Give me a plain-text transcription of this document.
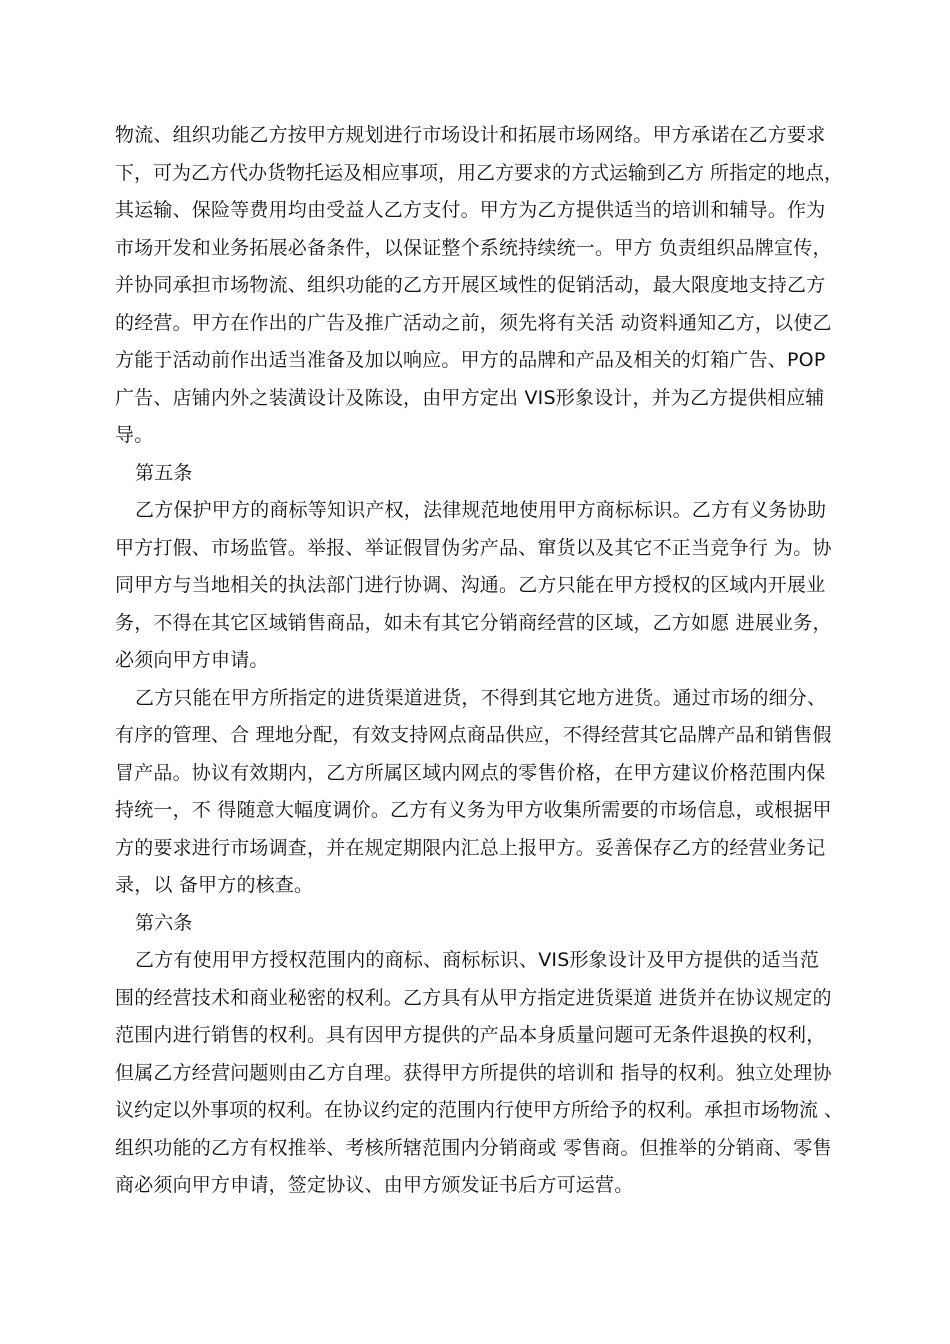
物流、组织功能乙方按甲方规划进行市场设计和拓展市场网络。甲方承诺在乙方要求
下，可为乙方代办货物托运及相应事项，用乙方要求的方式运输到乙方 所指定的地点，
其运输、保险等费用均由受益人乙方支付。甲方为乙方提供适当的培训和辅导。作为
市场开发和业务拓展必备条件，以保证整个系统持续统一。甲方 负责组织品牌宣传，
并协同承担市场物流、组织功能的乙方开展区域性的促销活动，最大限度地支持乙方
的经营。甲方在作出的广告及推广活动之前，须先将有关活 动资料通知乙方，以使乙
方能于活动前作出适当准备及加以响应。甲方的品牌和产品及相关的灯箱广告、POP
广告、店铺内外之装潢设计及陈设，由甲方定出 VIS形象设计，并为乙方提供相应辅
导。
第五条
乙方保护甲方的商标等知识产权，法律规范地使用甲方商标标识。乙方有义务协助
甲方打假、市场监管。举报、举证假冒伪劣产品、窜货以及其它不正当竞争行 为。协
同甲方与当地相关的执法部门进行协调、沟通。乙方只能在甲方授权的区域内开展业
务，不得在其它区域销售商品，如未有其它分销商经营的区域，乙方如愿 进展业务，
必须向甲方申请。
乙方只能在甲方所指定的进货渠道进货，不得到其它地方进货。通过市场的细分、
有序的管理、合 理地分配，有效支持网点商品供应，不得经营其它品牌产品和销售假
冒产品。协议有效期内，乙方所属区域内网点的零售价格，在甲方建议价格范围内保
持统一，不 得随意大幅度调价。乙方有义务为甲方收集所需要的市场信息，或根据甲
方的要求进行市场调查，并在规定期限内汇总上报甲方。妥善保存乙方的经营业务记
录，以 备甲方的核查。
第六条
乙方有使用甲方授权范围内的商标、商标标识、VIS形象设计及甲方提供的适当范
围的经营技术和商业秘密的权利。乙方具有从甲方指定进货渠道 进货并在协议规定的
范围内进行销售的权利。具有因甲方提供的产品本身质量问题可无条件退换的权利，
但属乙方经营问题则由乙方自理。获得甲方所提供的培训和 指导的权利。独立处理协
议约定以外事项的权利。在协议约定的范围内行使甲方所给予的权利。承担市场物流 、
组织功能的乙方有权推举、考核所辖范围内分销商或 零售商。但推举的分销商、零售
商必须向甲方申请，签定协议、由甲方颁发证书后方可运营。
